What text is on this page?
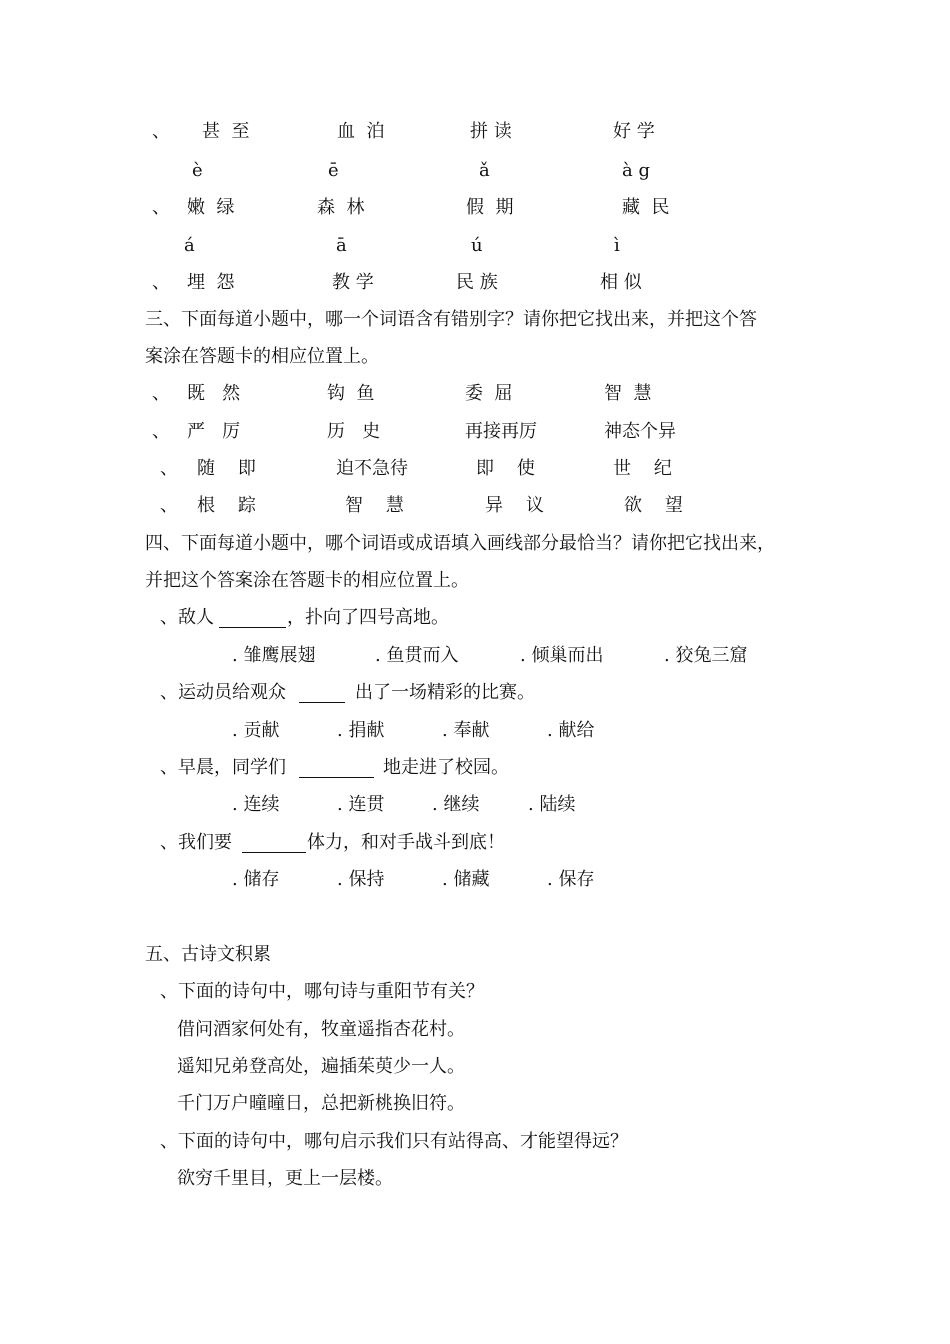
、 甚  至	血  泊	拼 读	好 学
è	ē	ǎ	à g
、 嫩  绿	森  林	假  期	藏  民
á	ā	ú	ì
、 埋  怨	教 学	民 族	相 似
三、下面每道小题中，哪一个词语含有错别字？请你把它找出来，并把这个答
案涂在答题卡的相应位置上。
、 既   然	钩  鱼	委  屈	智  慧
、 严   厉	历   史	再接再厉	神态个异
、 随    即	迫不急待	即    使	世    纪
、 根    踪	智    慧	异    议	欲    望
四、下面每道小题中，哪个词语或成语填入画线部分最恰当？请你把它找出来，
并把这个答案涂在答题卡的相应位置上。
、敌人	，扑向了四号高地。
. 雏鹰展翅	. 鱼贯而入	. 倾巢而出	. 狡兔三窟
、运动员给观众	出了一场精彩的比赛。
. 贡献	. 捐献	. 奉献	. 献给
、早晨，同学们	地走进了校园。
. 连续	. 连贯	. 继续	. 陆续
、我们要	体力，和对手战斗到底！
. 储存	. 保持	. 储藏	. 保存
五、古诗文积累
、下面的诗句中，哪句诗与重阳节有关？
借问酒家何处有，牧童遥指杏花村。
遥知兄弟登高处，遍插茱萸少一人。
千门万户曈曈日，总把新桃换旧符。
、下面的诗句中，哪句启示我们只有站得高、才能望得远？
欲穷千里目，更上一层楼。
